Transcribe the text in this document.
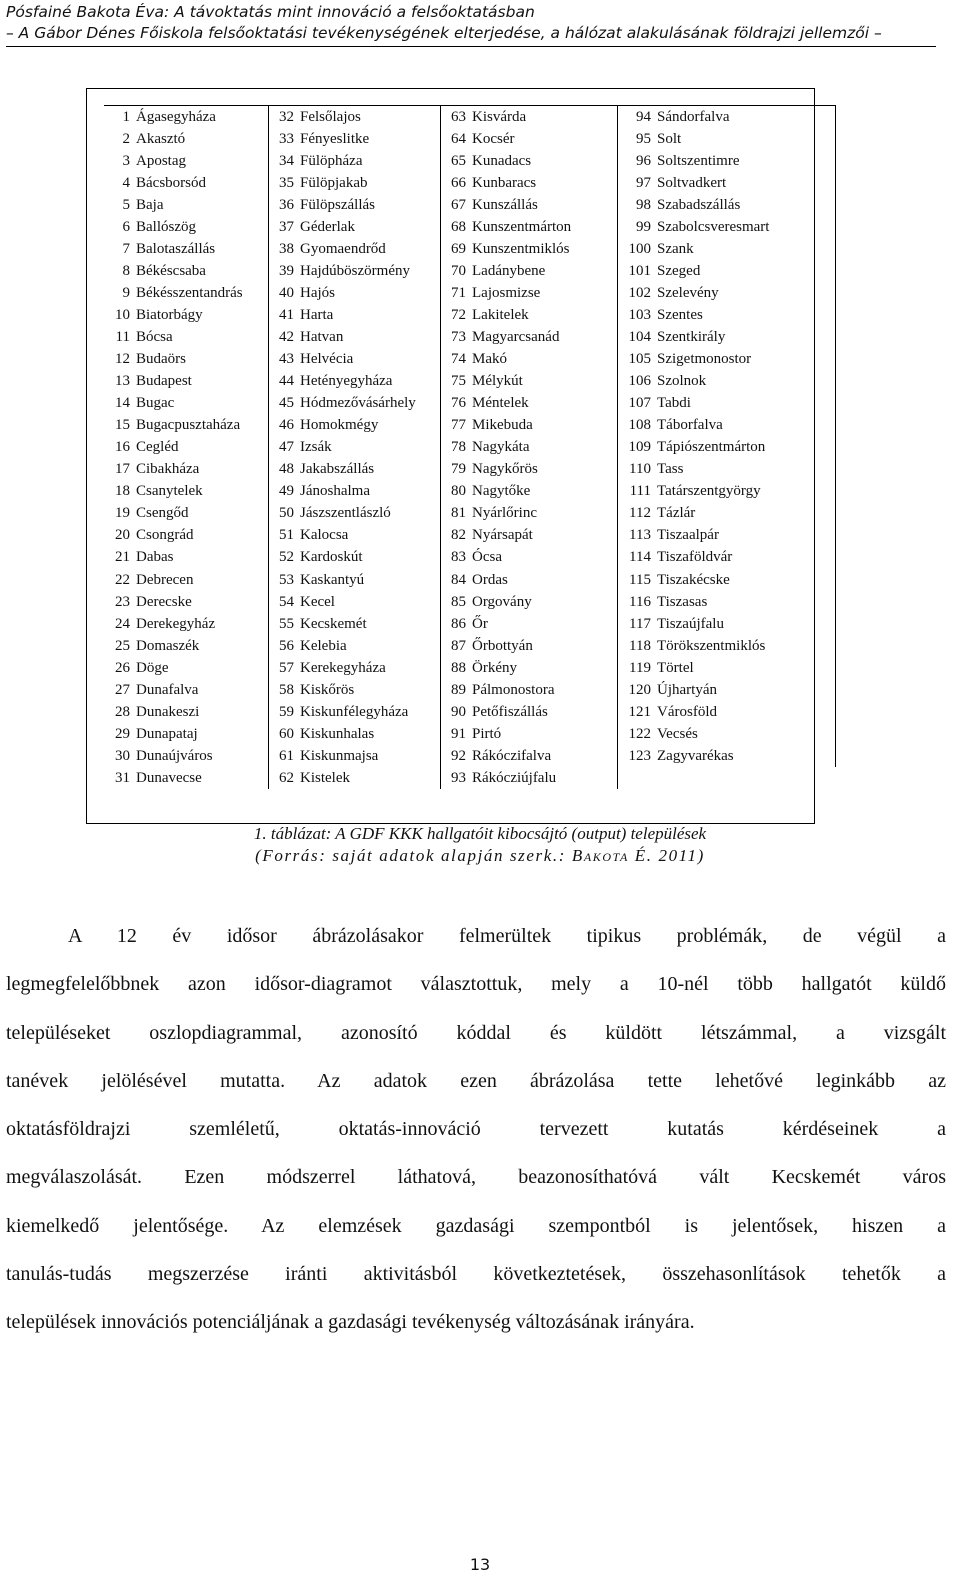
Pósfainé Bakota Éva: A távoktatás mint innováció a felsőoktatásban
– A Gábor Dénes Főiskola felsőoktatási tevékenységének elterjedése, a hálózat alakulásának földrajzi jellemzői –
1	Ágasegyháza	32	Felsőlajos	63	Kisvárda	94	Sándorfalva
2	Akasztó	33	Fényeslitke	64	Kocsér	95	Solt
3	Apostag	34	Fülöpháza	65	Kunadacs	96	Soltszentimre
4	Bácsborsód	35	Fülöpjakab	66	Kunbaracs	97	Soltvadkert
5	Baja	36	Fülöpszállás	67	Kunszállás	98	Szabadszállás
6	Ballószög	37	Géderlak	68	Kunszentmárton	99	Szabolcsveresmart
7	Balotaszállás	38	Gyomaendrőd	69	Kunszentmiklós	100	Szank
8	Békéscsaba	39	Hajdúböszörmény	70	Ladánybene	101	Szeged
9	Békésszentandrás	40	Hajós	71	Lajosmizse	102	Szelevény
10	Biatorbágy	41	Harta	72	Lakitelek	103	Szentes
11	Bócsa	42	Hatvan	73	Magyarcsanád	104	Szentkirály
12	Budaörs	43	Helvécia	74	Makó	105	Szigetmonostor
13	Budapest	44	Hetényegyháza	75	Mélykút	106	Szolnok
14	Bugac	45	Hódmezővásárhely	76	Méntelek	107	Tabdi
15	Bugacpusztaháza	46	Homokmégy	77	Mikebuda	108	Táborfalva
16	Cegléd	47	Izsák	78	Nagykáta	109	Tápiószentmárton
17	Cibakháza	48	Jakabszállás	79	Nagykőrös	110	Tass
18	Csanytelek	49	Jánoshalma	80	Nagytőke	111	Tatárszentgyörgy
19	Csengőd	50	Jászszentlászló	81	Nyárlőrinc	112	Tázlár
20	Csongrád	51	Kalocsa	82	Nyársapát	113	Tiszaalpár
21	Dabas	52	Kardoskút	83	Ócsa	114	Tiszaföldvár
22	Debrecen	53	Kaskantyú	84	Ordas	115	Tiszakécske
23	Derecske	54	Kecel	85	Orgovány	116	Tiszasas
24	Derekegyház	55	Kecskemét	86	Őr	117	Tiszaújfalu
25	Domaszék	56	Kelebia	87	Őrbottyán	118	Törökszentmiklós
26	Döge	57	Kerekegyháza	88	Örkény	119	Törtel
27	Dunafalva	58	Kiskőrös	89	Pálmonostora	120	Újhartyán
28	Dunakeszi	59	Kiskunfélegyháza	90	Petőfiszállás	121	Városföld
29	Dunapataj	60	Kiskunhalas	91	Pirtó	122	Vecsés
30	Dunaújváros	61	Kiskunmajsa	92	Rákóczifalva	123	Zagyvarékas
31	Dunavecse	62	Kistelek	93	Rákócziújfalu		
1. táblázat: A GDF KKK hallgatóit kibocsájtó (output) települések
(Forrás: saját adatok alapján szerk.: Bakota É. 2011)
A 12 év idősor ábrázolásakor felmerültek tipikus problémák, de végül a
legmegfelelőbbnek azon idősor-diagramot választottuk, mely a 10-nél több hallgatót küldő
településeket oszlopdiagrammal, azonosító kóddal és küldött létszámmal, a vizsgált
tanévek jelölésével mutatta. Az adatok ezen ábrázolása tette lehetővé leginkább az
oktatásföldrajzi szemléletű, oktatás-innováció tervezett kutatás kérdéseinek a
megválaszolását. Ezen módszerrel láthatová, beazonosíthatóvá vált Kecskemét város
kiemelkedő jelentősége. Az elemzések gazdasági szempontból is jelentősek, hiszen a
tanulás-tudás megszerzése iránti aktivitásból következtetések, összehasonlítások tehetők a
települések innovációs potenciáljának a gazdasági tevékenység változásának irányára.
13
